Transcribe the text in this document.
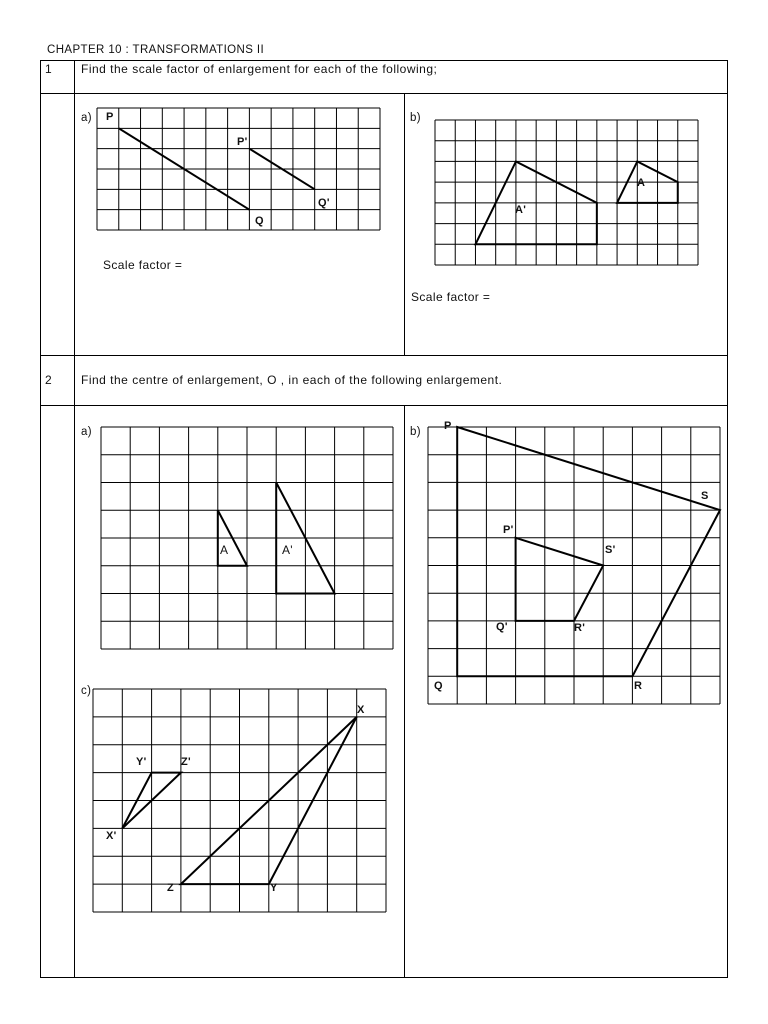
CHAPTER 10 : TRANSFORMATIONS II
1 Find the scale factor of enlargement for each of the following;
a) P
P'
Q'
Q
Scale factor =
b)
A'
A
Scale factor =
2 Find the centre of enlargement, O , in each of the following enlargement.
a)
A	A'
c)
X
Y
Z
X'
Y'	Z'
b) P
S
P'
S'
Q'	R'
Q	R
